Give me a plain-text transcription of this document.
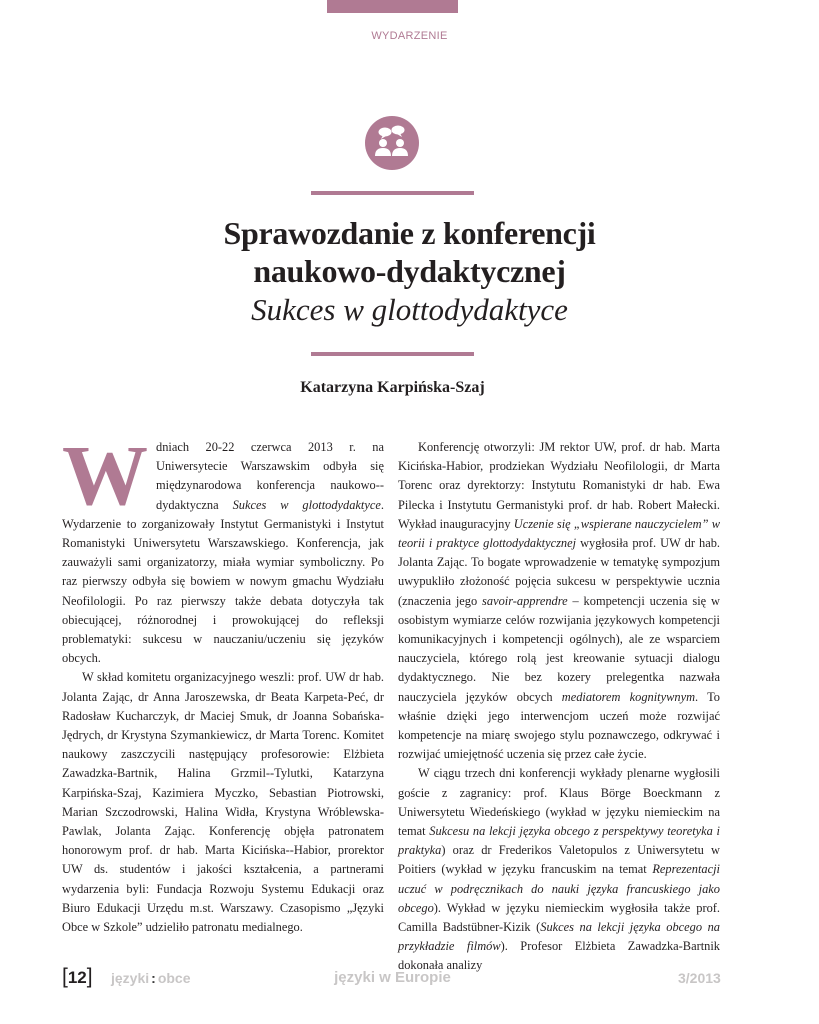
WYDARZENIE
Sprawozdanie z konferencji
naukowo-dydaktycznej
Sukces w glottodydaktyce
Katarzyna Karpińska-Szaj

Wdniach 20-22 czerwca 2013 r. na Uniwersytecie Warszawskim odbyła się międzynarodowa konferencja naukowo--dydaktyczna Sukces w glottodydaktyce. Wydarzenie to zorganizowały Instytut Germanistyki i Instytut Romanistyki Uniwersytetu Warszawskiego. Konferencja, jak zauważyli sami organizatorzy, miała wymiar symboliczny. Po raz pierwszy odbyła się bowiem w nowym gmachu Wydziału Neofilologii. Po raz pierwszy także debata dotyczyła tak obiecującej, różnorodnej i prowokującej do refleksji problematyki: sukcesu w nauczaniu/uczeniu się języków obcych.

W skład komitetu organizacyjnego weszli: prof. UW dr hab. Jolanta Zając, dr Anna Jaroszewska, dr Beata Karpeta-Peć, dr Radosław Kucharczyk, dr Maciej Smuk, dr Joanna Sobańska-Jędrych, dr Krystyna Szymankiewicz, dr Marta Torenc. Komitet naukowy zaszczycili następujący profesorowie: Elżbieta Zawadzka-Bartnik, Halina Grzmil--Tylutki, Katarzyna Karpińska-Szaj, Kazimiera Myczko, Sebastian Piotrowski, Marian Szczodrowski, Halina Widła, Krystyna Wróblewska-Pawlak, Jolanta Zając. Konferencję objęła patronatem honorowym prof. dr hab. Marta Kicińska--Habior, prorektor UW ds. studentów i jakości kształcenia, a partnerami wydarzenia byli: Fundacja Rozwoju Systemu Edukacji oraz Biuro Edukacji Urzędu m.st. Warszawy. Czasopismo „Języki Obce w Szkole” udzieliło patronatu medialnego.

Konferencję otworzyli: JM rektor UW, prof. dr hab. Marta Kicińska-Habior, prodziekan Wydziału Neofilologii, dr Marta Torenc oraz dyrektorzy: Instytutu Romanistyki dr hab. Ewa Pilecka i Instytutu Germanistyki prof. dr hab. Robert Małecki. Wykład inauguracyjny Uczenie się „wspierane nauczycielem” w teorii i praktyce glottodydaktycznej wygłosiła prof. UW dr hab. Jolanta Zając. To bogate wprowadzenie w tematykę sympozjum uwypukliło złożoność pojęcia sukcesu w perspektywie ucznia (znaczenia jego savoir-apprendre – kompetencji uczenia się w osobistym wymiarze celów rozwijania językowych kompetencji komunikacyjnych i kompetencji ogólnych), ale ze wsparciem nauczyciela, którego rolą jest kreowanie sytuacji dialogu dydaktycznego. Nie bez kozery prelegentka nazwała nauczyciela języków obcych mediatorem kognitywnym. To właśnie dzięki jego interwencjom uczeń może rozwijać kompetencje na miarę swojego stylu poznawczego, odkrywać i rozwijać umiejętność uczenia się przez całe życie.

W ciągu trzech dni konferencji wykłady plenarne wygłosili goście z zagranicy: prof. Klaus Börge Boeckmann z Uniwersytetu Wiedeńskiego (wykład w języku niemieckim na temat Sukcesu na lekcji języka obcego z perspektywy teoretyka i praktyka) oraz dr Frederikos Valetopulos z Uniwersytetu w Poitiers (wykład w języku francuskim na temat Reprezentacji uczuć w podręcznikach do nauki języka francuskiego jako obcego). Wykład w języku niemieckim wygłosiła także prof. Camilla Badstübner-Kizik (Sukces na lekcji języka obcego na przykładzie filmów). Profesor Elżbieta Zawadzka-Bartnik dokonała analizy

[12] języki : obce	języki w Europie	3/2013
